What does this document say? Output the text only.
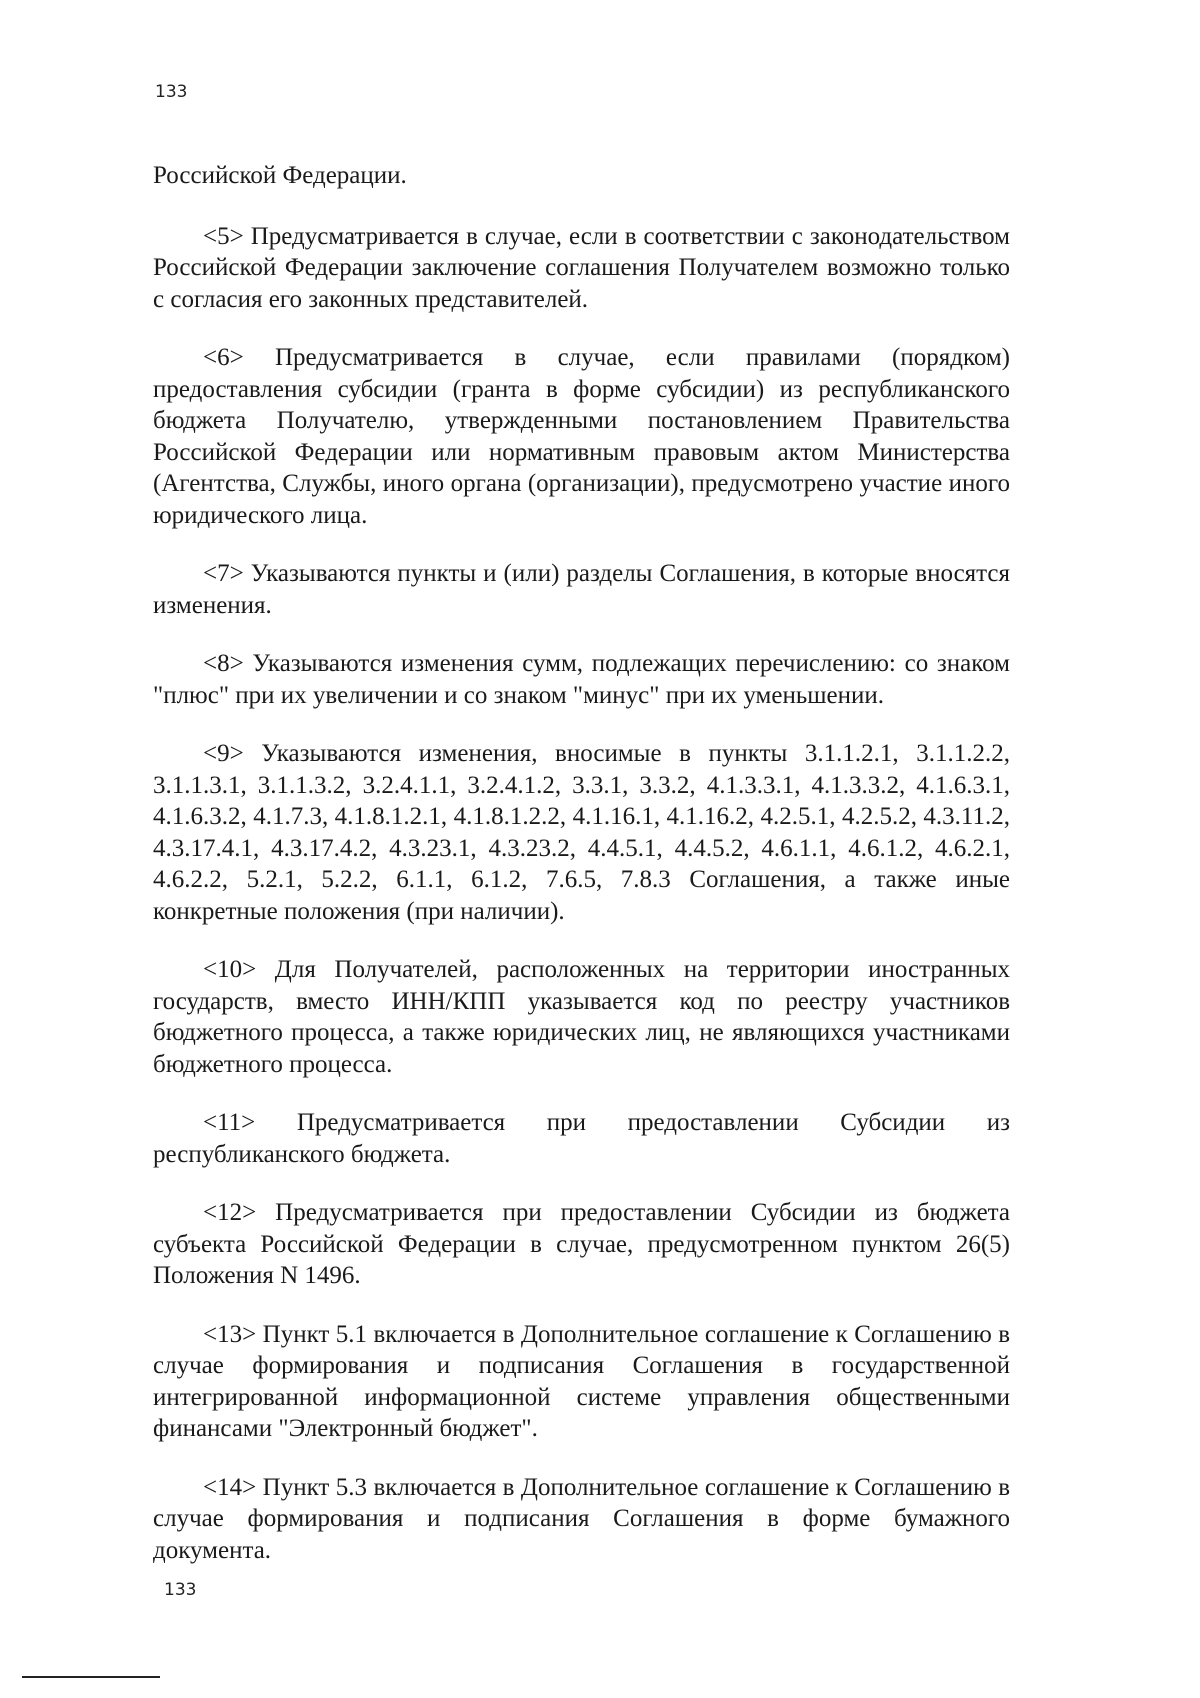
133

Российской Федерации.

<5> Предусматривается в случае, если в соответствии с законодательством Российской Федерации заключение соглашения Получателем возможно только с согласия его законных представителей.

<6> Предусматривается в случае, если правилами (порядком) предоставления субсидии (гранта в форме субсидии) из республиканского бюджета Получателю, утвержденными постановлением Правительства Российской Федерации или нормативным правовым актом Министерства (Агентства, Службы, иного органа (организации), предусмотрено участие иного юридического лица.

<7> Указываются пункты и (или) разделы Соглашения, в которые вносятся изменения.

<8> Указываются изменения сумм, подлежащих перечислению: со знаком "плюс" при их увеличении и со знаком "минус" при их уменьшении.

<9> Указываются изменения, вносимые в пункты 3.1.1.2.1, 3.1.1.2.2, 3.1.1.3.1, 3.1.1.3.2, 3.2.4.1.1, 3.2.4.1.2, 3.3.1, 3.3.2, 4.1.3.3.1, 4.1.3.3.2, 4.1.6.3.1, 4.1.6.3.2, 4.1.7.3, 4.1.8.1.2.1, 4.1.8.1.2.2, 4.1.16.1, 4.1.16.2, 4.2.5.1, 4.2.5.2, 4.3.11.2, 4.3.17.4.1, 4.3.17.4.2, 4.3.23.1, 4.3.23.2, 4.4.5.1, 4.4.5.2, 4.6.1.1, 4.6.1.2, 4.6.2.1, 4.6.2.2, 5.2.1, 5.2.2, 6.1.1, 6.1.2, 7.6.5, 7.8.3 Соглашения, а также иные конкретные положения (при наличии).

<10> Для Получателей, расположенных на территории иностранных государств, вместо ИНН/КПП указывается код по реестру участников бюджетного процесса, а также юридических лиц, не являющихся участниками бюджетного процесса.

<11> Предусматривается при предоставлении Субсидии из республиканского бюджета.

<12> Предусматривается при предоставлении Субсидии из бюджета субъекта Российской Федерации в случае, предусмотренном пунктом 26(5) Положения N 1496.

<13> Пункт 5.1 включается в Дополнительное соглашение к Соглашению в случае формирования и подписания Соглашения в государственной интегрированной информационной системе управления общественными финансами "Электронный бюджет".

<14> Пункт 5.3 включается в Дополнительное соглашение к Соглашению в случае формирования и подписания Соглашения в форме бумажного документа.

133
